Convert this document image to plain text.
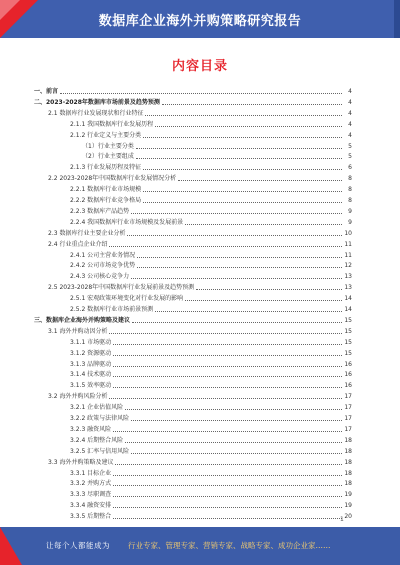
数据库企业海外并购策略研究报告
内容目录
一、前言	4
二、2023-2028年数据库市场前景及趋势预测	4
2.1 数据库行业发展现状和行业特征	4
2.1.1 我国数据库行业发展历程	4
2.1.2 行业定义与主要分类	4
（1）行业主要分类	5
（2）行业主要组成	5
2.1.3 行业发展历程及特征	6
2.2 2023-2028年中国数据库行业发展情况分析	8
2.2.1 数据库行业市场规模	8
2.2.2 数据库行业竞争格局	8
2.2.3 数据库产品趋势	9
2.2.4 我国数据库行业市场规模及发展前景	9
2.3 数据库行业主要企业分析	10
2.4 行业重点企业介绍	11
2.4.1 公司主营业务情况	11
2.4.2 公司市场竞争优势	12
2.4.3 公司核心竞争力	13
2.5 2023-2028年中国数据库行业发展前景及趋势预测	13
2.5.1 宏观政策环境变化对行业发展的影响	14
2.5.2 数据库行业市场前景预测	14
三、数据库企业海外并购策略及建议	15
3.1 海外并购动因分析	15
3.1.1 市场驱动	15
3.1.2 资源驱动	15
3.1.3 品牌驱动	16
3.1.4 技术驱动	16
3.1.5 效率驱动	16
3.2 海外并购风险分析	17
3.2.1 企业估值风险	17
3.2.2 政策与法律风险	17
3.2.3 融资风险	17
3.2.4 后期整合风险	18
3.2.5 汇率与信用风险	18
3.3 海外并购策略及建议	18
3.3.1 目标企业	18
3.3.2 并购方式	18
3.3.3 尽职调查	19
3.3.4 融资安排	19
3.3.5 后期整合	20
1
让每个人都能成为 行业专家、管理专家、营销专家、战略专家、成功企业家……
